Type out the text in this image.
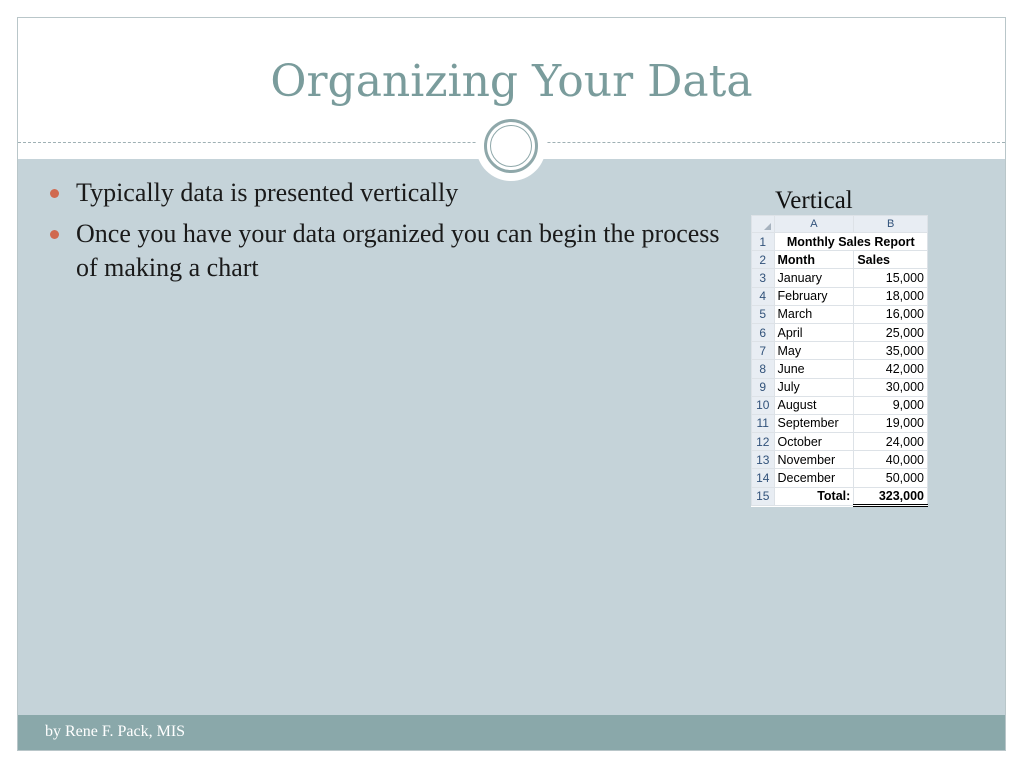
Organizing Your Data
Typically data is presented vertically
Once you have your data organized you can begin the process of making a chart
Vertical
	A	B
1	Monthly Sales Report	
2	Month	Sales
3	January	15,000
4	February	18,000
5	March	16,000
6	April	25,000
7	May	35,000
8	June	42,000
9	July	30,000
10	August	9,000
11	September	19,000
12	October	24,000
13	November	40,000
14	December	50,000
15	Total:	323,000
by Rene F. Pack, MIS
